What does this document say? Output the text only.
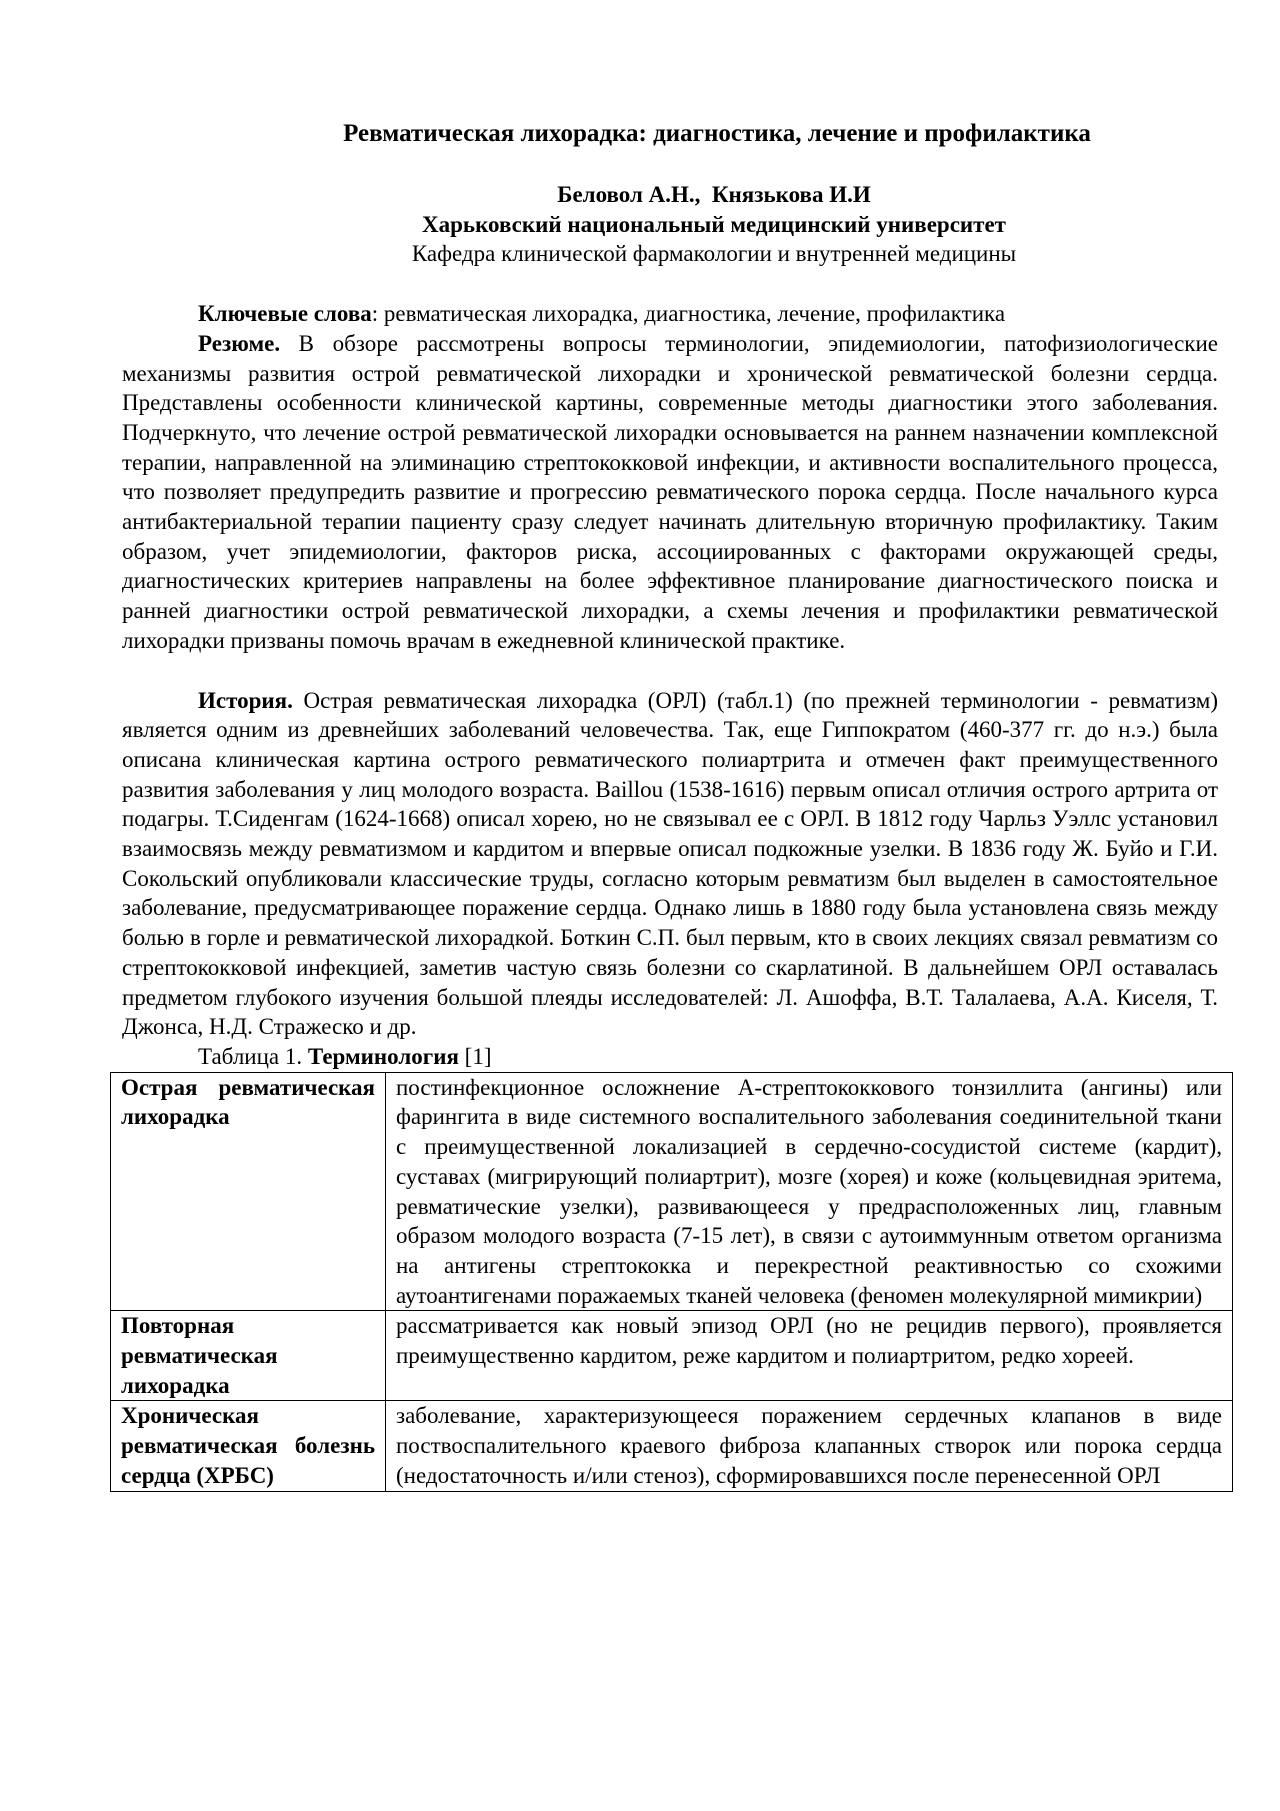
Ревматическая лихорадка: диагностика, лечение и профилактика

Беловол А.Н.,  Князькова И.И

Харьковский национальный медицинский университет

Кафедра клинической фармакологии и внутренней медицины

Ключевые слова: ревматическая лихорадка, диагностика, лечение, профилактика

Резюме. В обзоре рассмотрены вопросы терминологии, эпидемиологии, патофизиологические механизмы развития острой ревматической лихорадки и хронической ревматической болезни сердца. Представлены особенности клинической картины, современные методы диагностики этого заболевания. Подчеркнуто, что лечение острой ревматической лихорадки основывается на раннем назначении комплексной терапии, направленной на элиминацию стрептококковой инфекции, и активности воспалительного процесса, что позволяет предупредить развитие и прогрессию ревматического порока сердца. После начального курса антибактериальной терапии пациенту сразу следует начинать длительную вторичную профилактику. Таким образом, учет эпидемиологии, факторов риска, ассоциированных с факторами окружающей среды, диагностических критериев направлены на более эффективное планирование диагностического поиска и ранней диагностики острой ревматической лихорадки, а схемы лечения и профилактики ревматической лихорадки призваны помочь врачам в ежедневной клинической практике.

История. Острая ревматическая лихорадка (ОРЛ) (табл.1) (по прежней терминологии - ревматизм) является одним из древнейших заболеваний человечества. Так, еще Гиппократом (460-377 гг. до н.э.) была описана клиническая картина острого ревматического полиартрита и отмечен факт преимущественного развития заболевания у лиц молодого возраста. Baillou (1538-1616) первым описал отличия острого артрита от подагры. Т.Сиденгам (1624-1668) описал хорею, но не связывал ее с ОРЛ. В 1812 году Чарльз Уэллс установил взаимосвязь между ревматизмом и кардитом и впервые описал подкожные узелки. В 1836 году Ж. Буйо и Г.И. Сокольский опубликовали классические труды, согласно которым ревматизм был выделен в самостоятельное заболевание, предусматривающее поражение сердца. Однако лишь в 1880 году была установлена связь между болью в горле и ревматической лихорадкой. Боткин С.П. был первым, кто в своих лекциях связал ревматизм со стрептококковой инфекцией, заметив частую связь болезни со скарлатиной. В дальнейшем ОРЛ оставалась предметом глубокого изучения большой плеяды исследователей: Л. Ашоффа, В.Т. Талалаева, А.А. Киселя, Т. Джонса, Н.Д. Стражеско и др.

Таблица 1. Терминология [1]

Острая ревматическая лихорадка	постинфекционное осложнение А-стрептококкового тонзиллита (ангины) или фарингита в виде системного воспалительного заболевания соединительной ткани с преимущественной локализацией в сердечно-сосудистой системе (кардит), суставах (мигрирующий полиартрит), мозге (хорея) и коже (кольцевидная эритема, ревматические узелки), развивающееся у предрасположенных лиц, главным образом молодого возраста (7-15 лет), в связи с аутоиммунным ответом организма на антигены стрептококка и перекрестной реактивностью со схожими аутоантигенами поражаемых тканей человека (феномен молекулярной мимикрии)
Повторная ревматическая лихорадка	рассматривается как новый эпизод ОРЛ (но не рецидив первого), проявляется преимущественно кардитом, реже кардитом и полиартритом, редко хореей.
Хроническая ревматическая болезнь сердца (ХРБС)	заболевание, характеризующееся поражением сердечных клапанов в виде поствоспалительного краевого фиброза клапанных створок или порока сердца (недостаточность и/или стеноз), сформировавшихся после перенесенной ОРЛ
